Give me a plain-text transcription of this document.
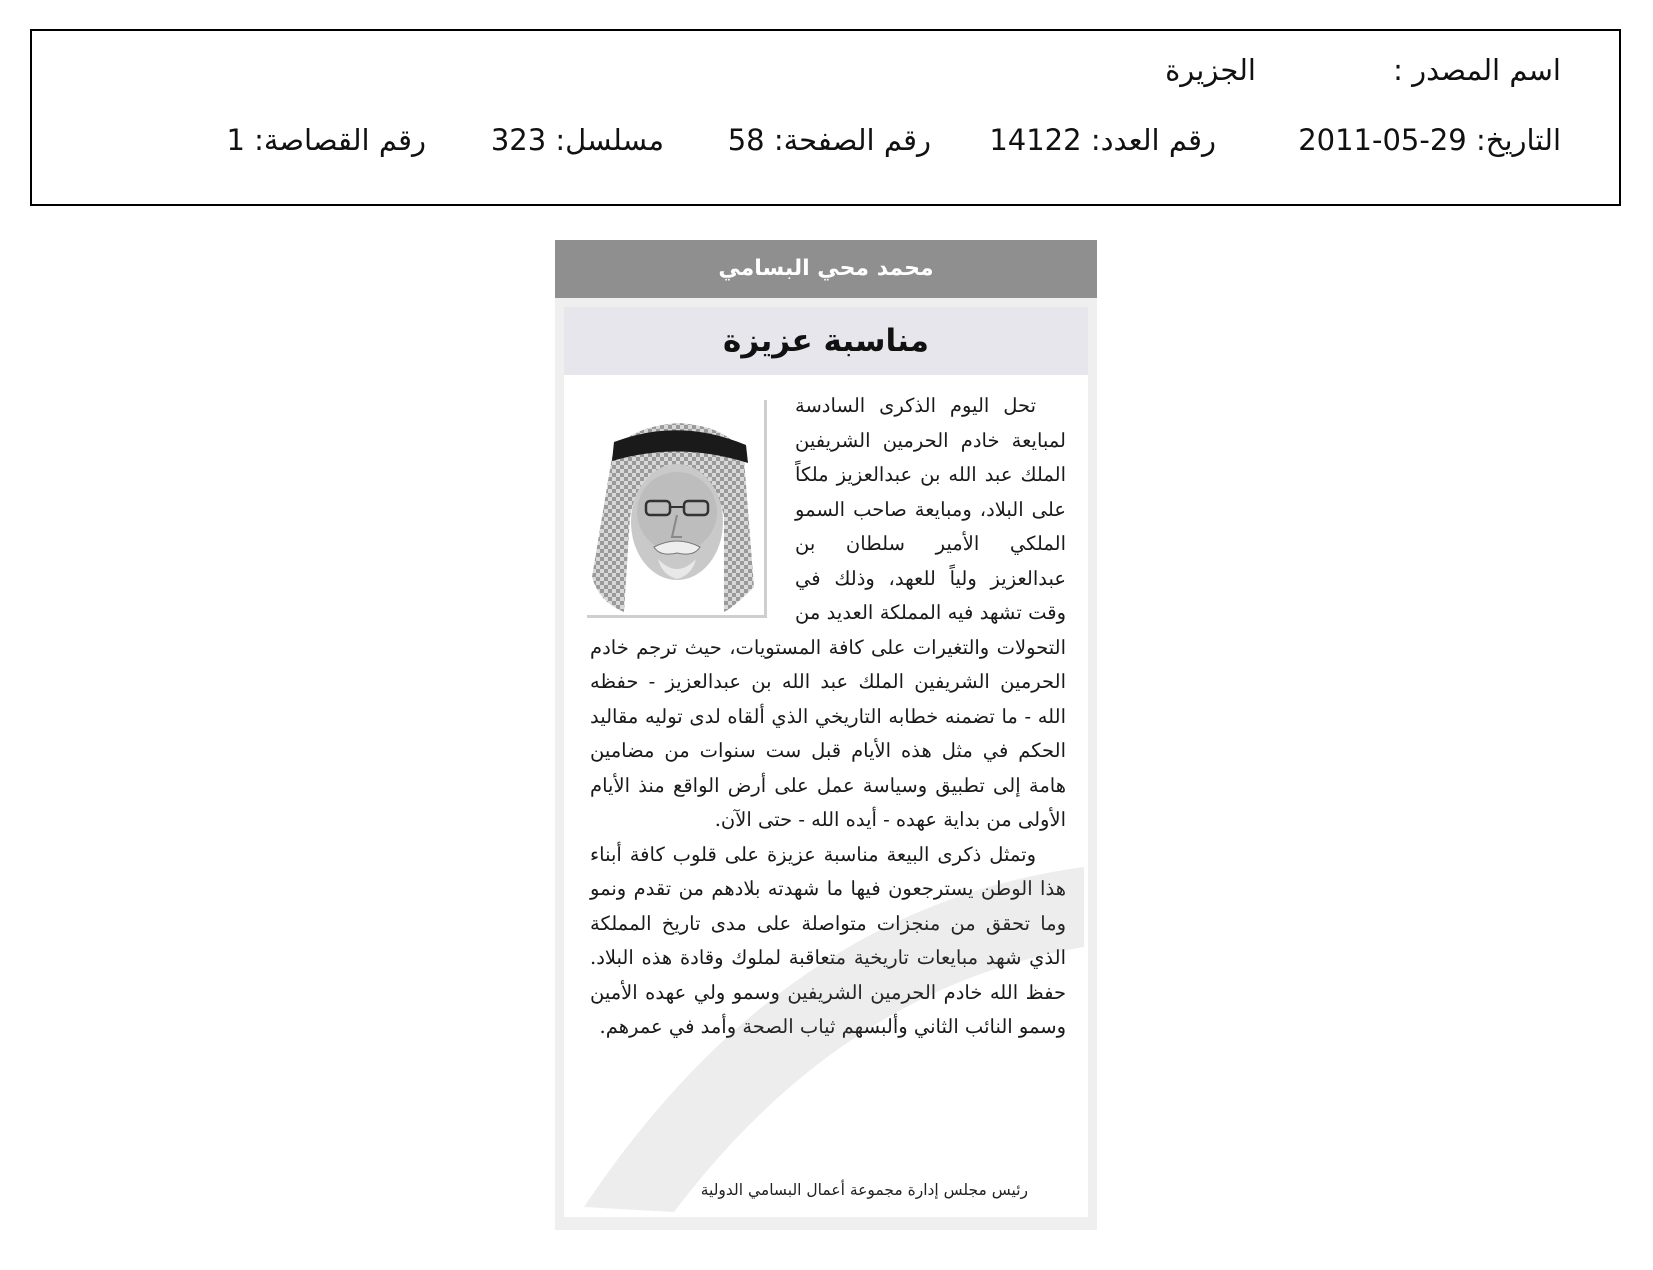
اسم المصدر :
الجزيرة
التاريخ: 2011-05-29
رقم العدد: 14122
رقم الصفحة: 58
مسلسل: 323
رقم القصاصة: 1
محمد محي البسامي
مناسبة عزيزة

تحل اليوم الذكرى السادسة لمبايعة خادم الحرمين الشريفين الملك عبد الله بن عبدالعزيز ملكاً على البلاد، ومبايعة صاحب السمو الملكي الأمير سلطان بن عبدالعزيز ولياً للعهد، وذلك في وقت تشهد فيه المملكة العديد من التحولات والتغيرات على كافة المستويات، حيث ترجم خادم الحرمين الشريفين الملك عبد الله بن عبدالعزيز - حفظه الله - ما تضمنه خطابه التاريخي الذي ألقاه لدى توليه مقاليد الحكم في مثل هذه الأيام قبل ست سنوات من مضامين هامة إلى تطبيق وسياسة عمل على أرض الواقع منذ الأيام الأولى من بداية عهده - أيده الله - حتى الآن.

وتمثل ذكرى البيعة مناسبة عزيزة على قلوب كافة أبناء هذا الوطن يسترجعون فيها ما شهدته بلادهم من تقدم ونمو وما تحقق من منجزات متواصلة على مدى تاريخ المملكة الذي شهد مبايعات تاريخية متعاقبة لملوك وقادة هذه البلاد. حفظ الله خادم الحرمين الشريفين وسمو ولي عهده الأمين وسمو النائب الثاني وألبسهم ثياب الصحة وأمد في عمرهم.

رئيس مجلس إدارة مجموعة أعمال البسامي الدولية
